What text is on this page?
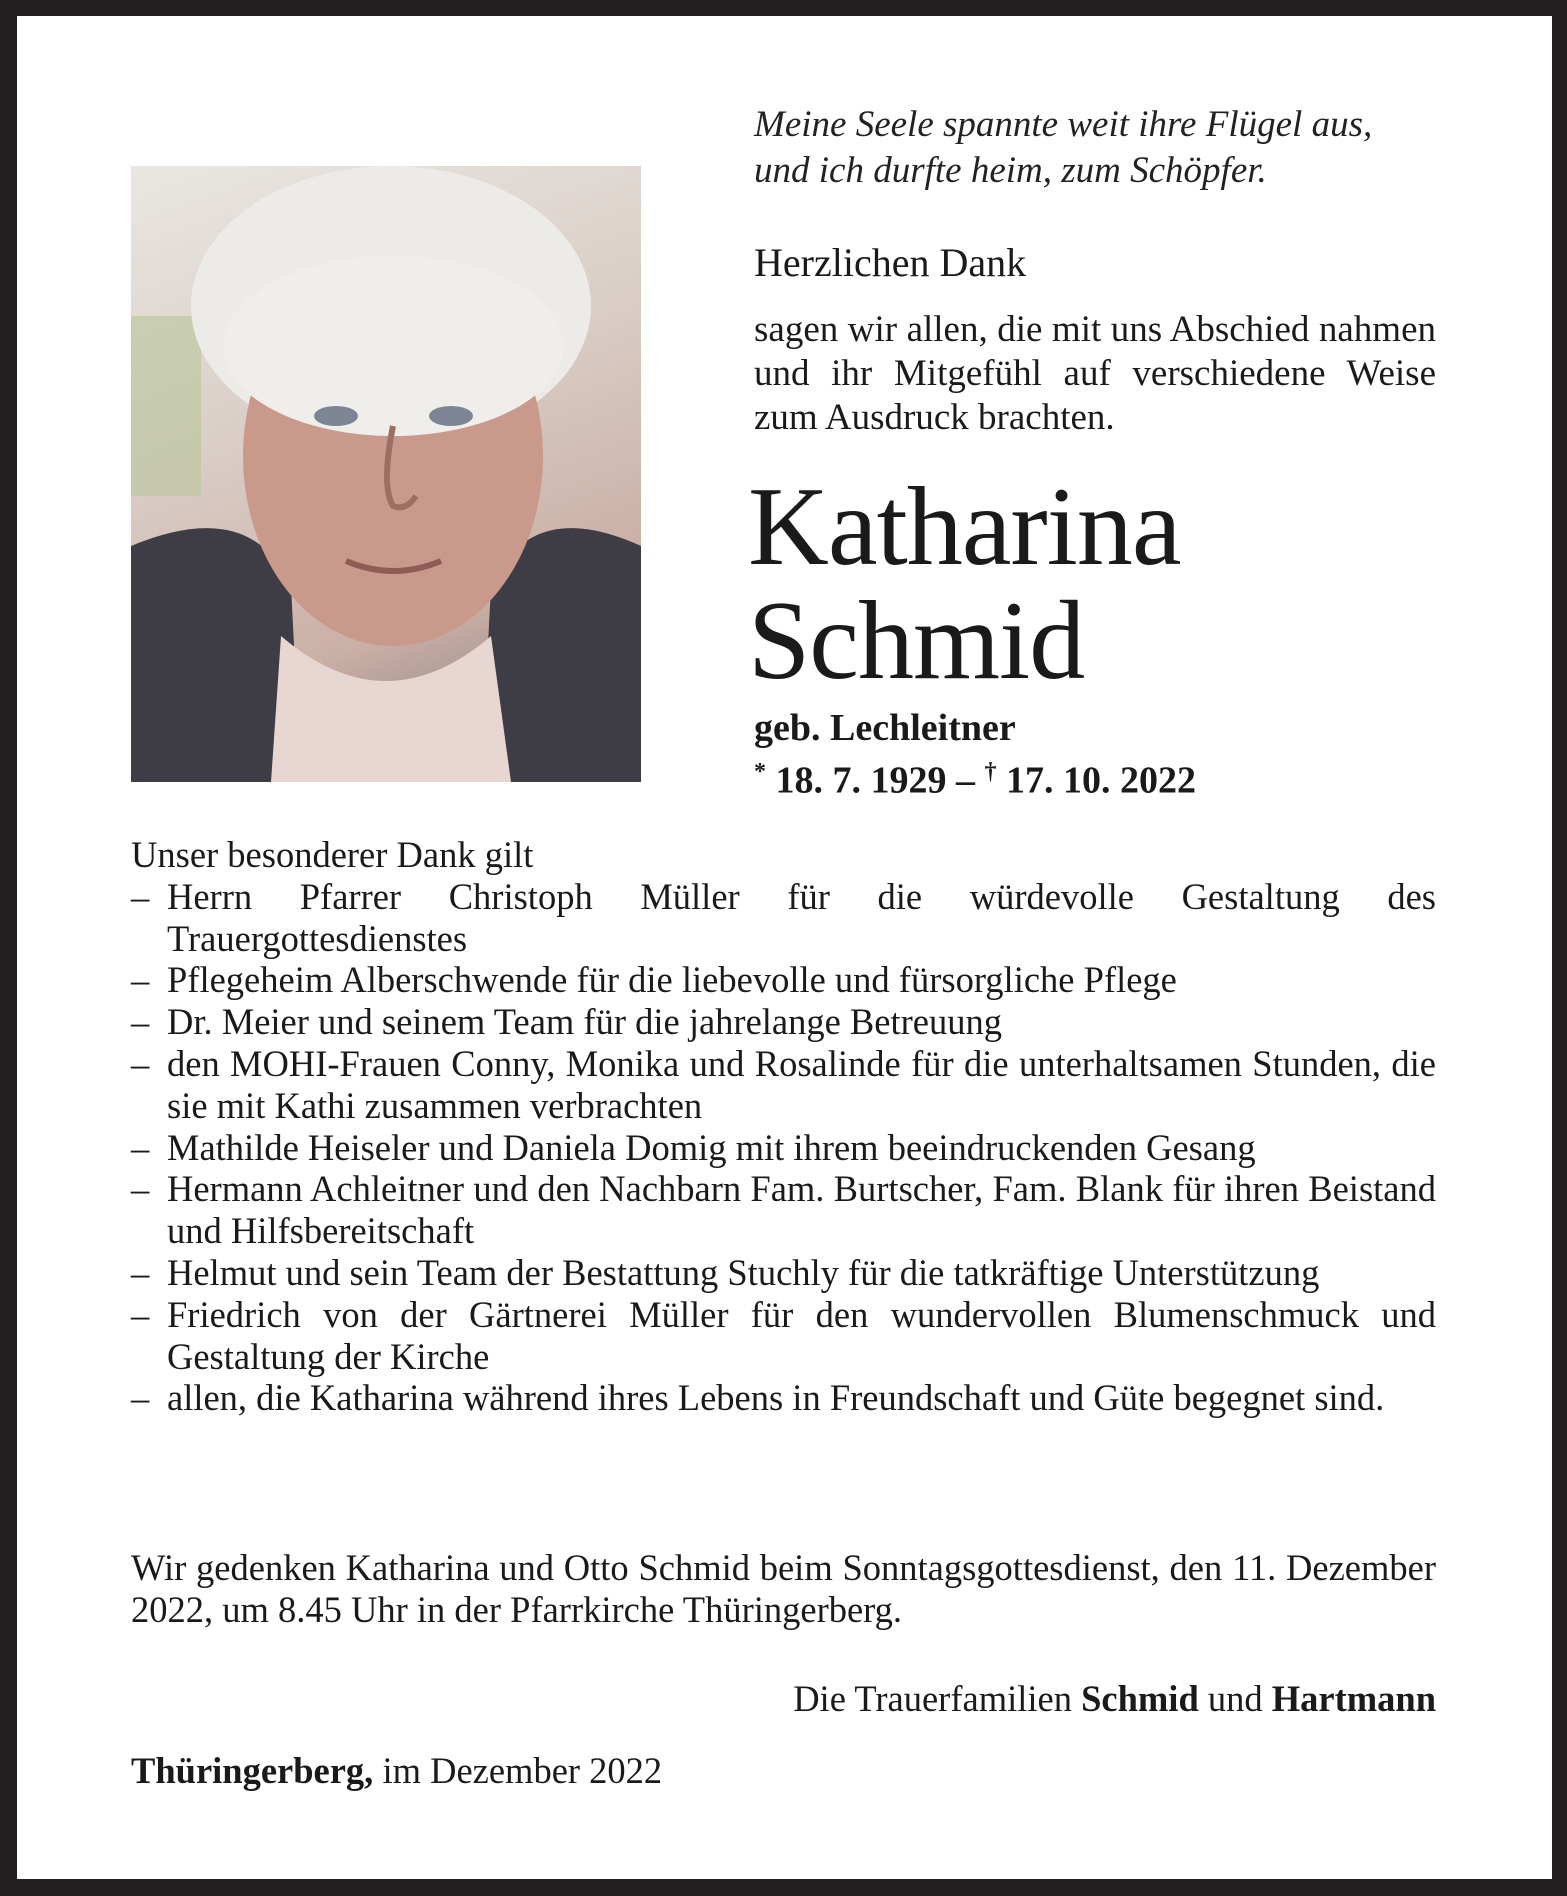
Meine Seele spannte weit ihre Flügel aus,
und ich durfte heim, zum Schöpfer.
Herzlichen Dank
sagen wir allen, die mit uns Abschied nahmen und ihr Mitgefühl auf verschiedene Weise zum Ausdruck brachten.
Katharina
Schmid
geb. Lechleitner
* 18. 7. 1929 – † 17. 10. 2022
Unser besonderer Dank gilt
– Herrn Pfarrer Christoph Müller für die würdevolle Gestaltung des Trauergottesdienstes
– Pflegeheim Alberschwende für die liebevolle und fürsorgliche Pflege
– Dr. Meier und seinem Team für die jahrelange Betreuung
– den MOHI-Frauen Conny, Monika und Rosalinde für die unterhaltsamen Stunden, die sie mit Kathi zusammen verbrachten
– Mathilde Heiseler und Daniela Domig mit ihrem beeindruckenden Gesang
– Hermann Achleitner und den Nachbarn Fam. Burtscher, Fam. Blank für ihren Beistand und Hilfsbereitschaft
– Helmut und sein Team der Bestattung Stuchly für die tatkräftige Unterstützung
– Friedrich von der Gärtnerei Müller für den wundervollen Blumenschmuck und Gestaltung der Kirche
– allen, die Katharina während ihres Lebens in Freundschaft und Güte begegnet sind.
Wir gedenken Katharina und Otto Schmid beim Sonntagsgottesdienst, den 11. Dezember 2022, um 8.45 Uhr in der Pfarrkirche Thüringerberg.
Die Trauerfamilien Schmid und Hartmann
Thüringerberg, im Dezember 2022
